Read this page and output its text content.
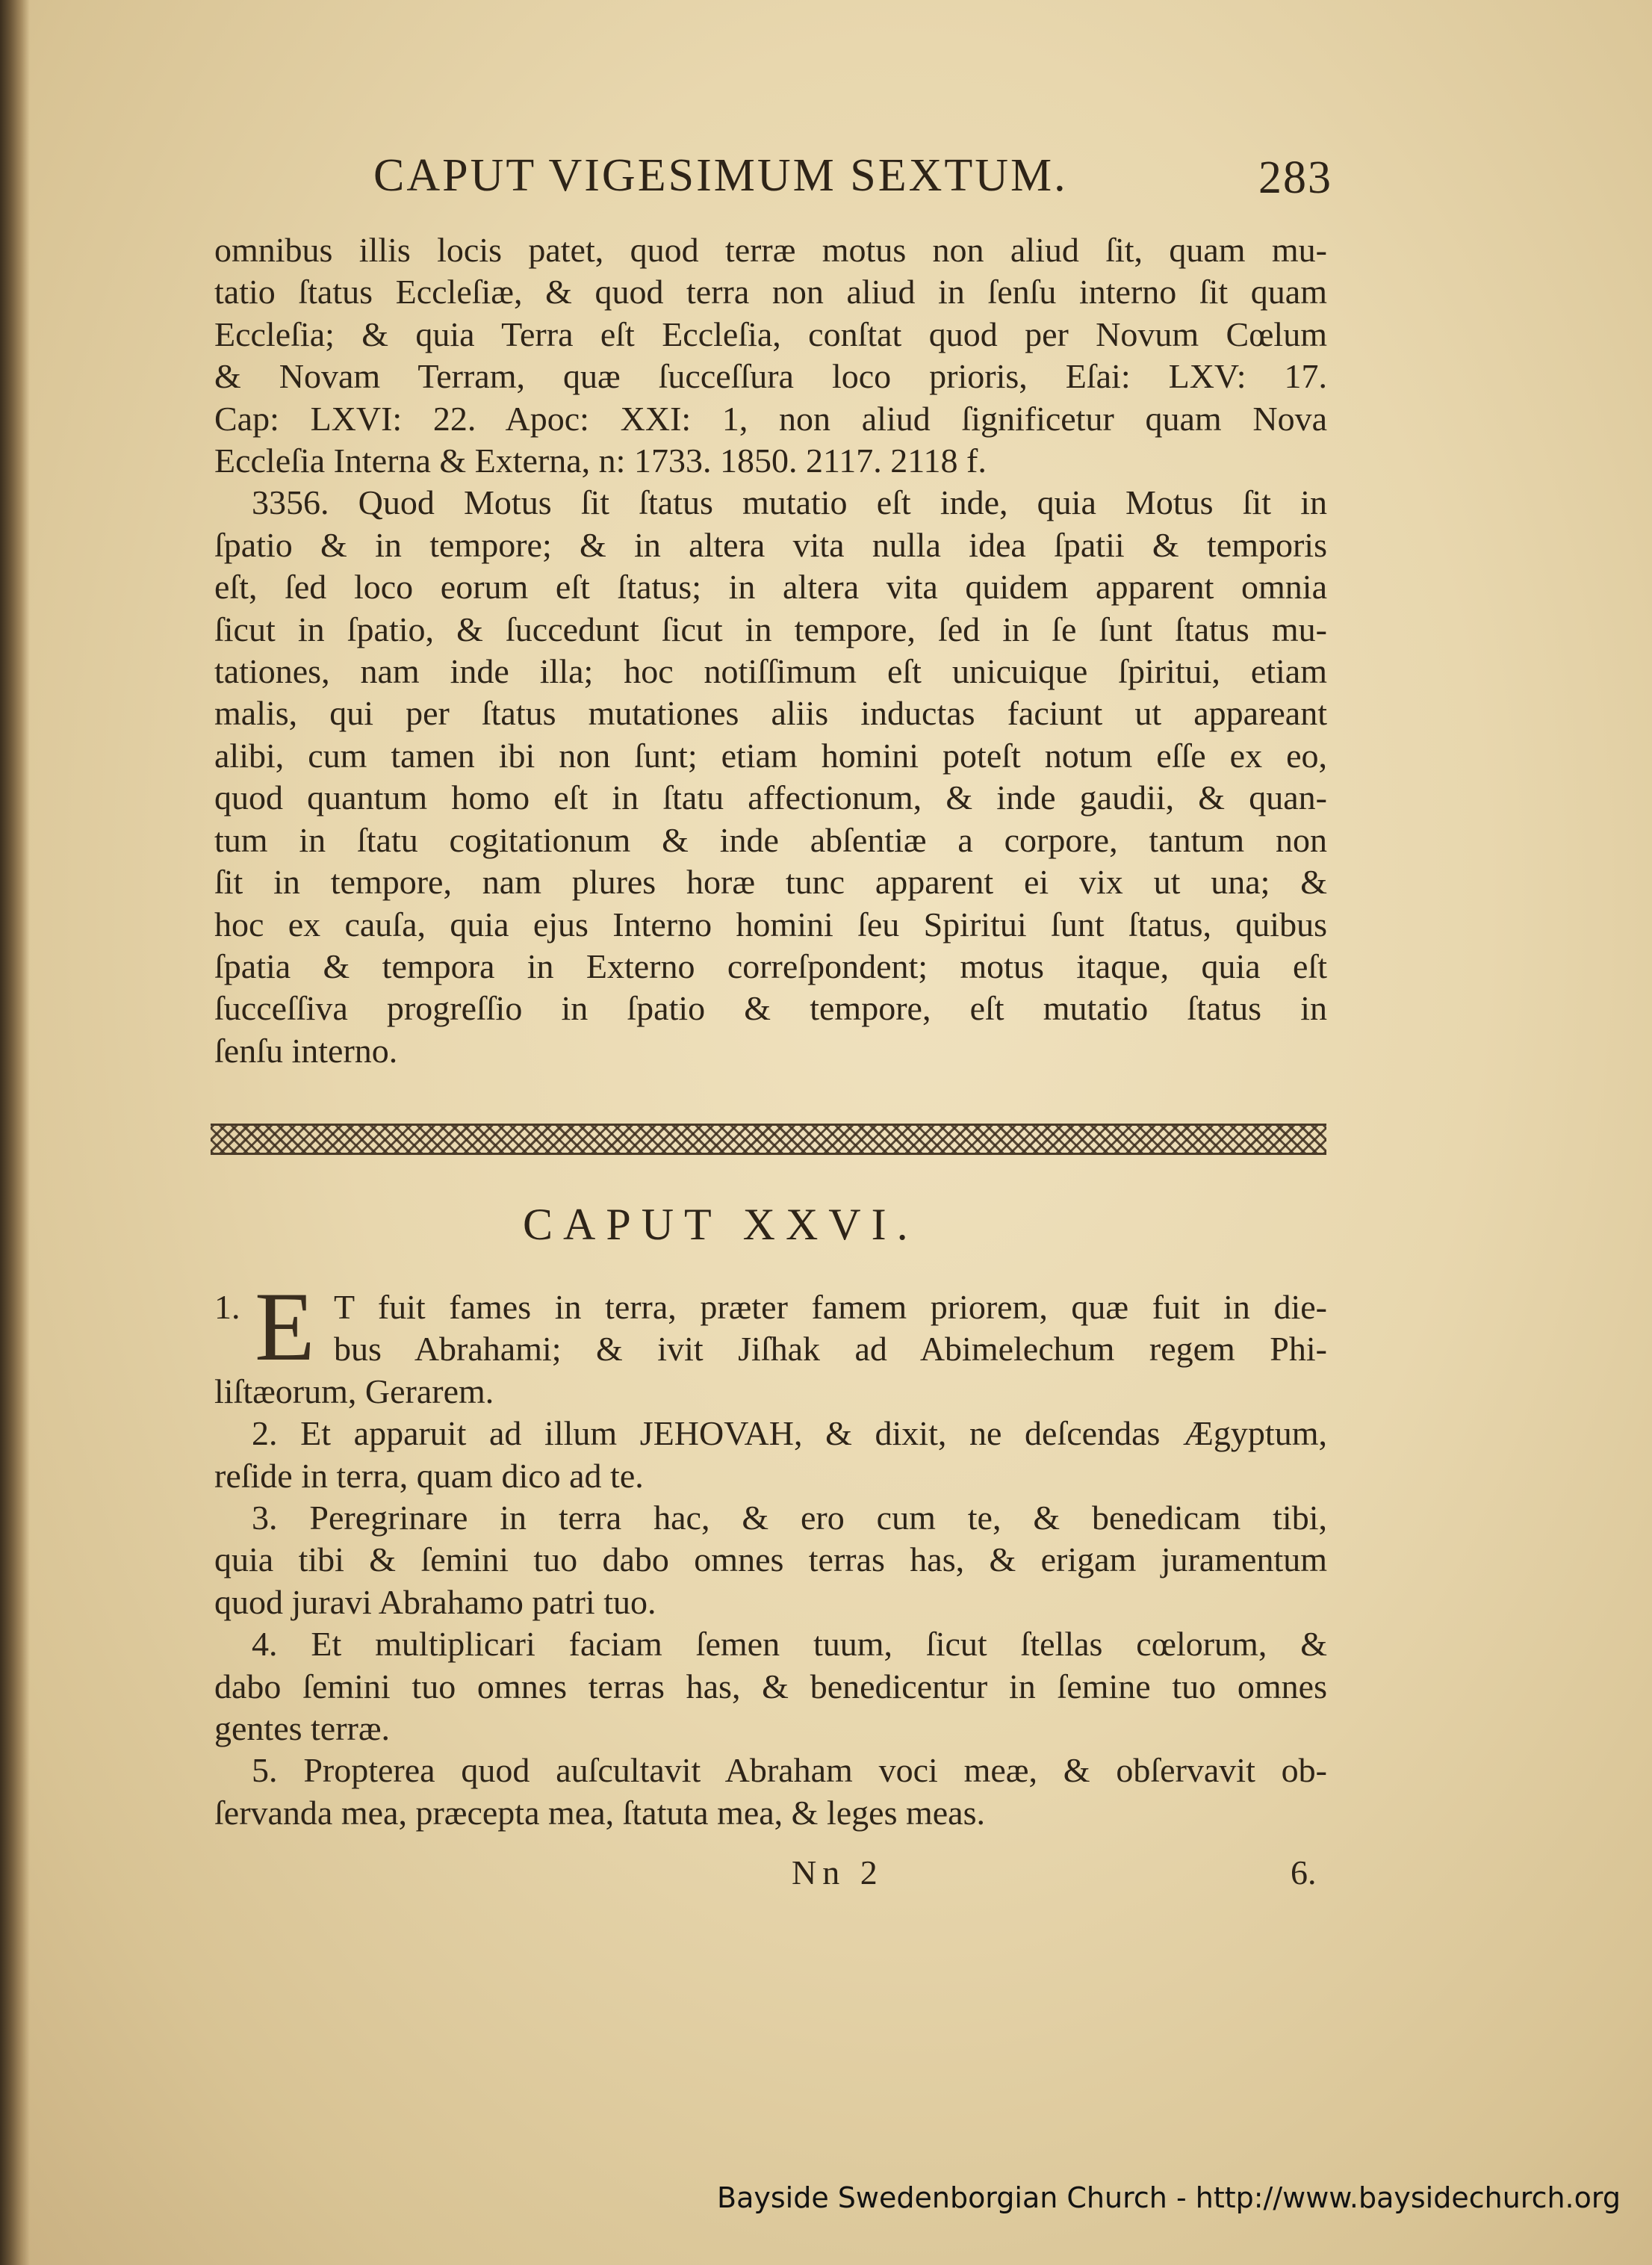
CAPUT VIGESIMUM SEXTUM.	283
omnibus illis locis patet, quod terræ motus non aliud ſit, quam mu-
tatio ſtatus Eccleſiæ, & quod terra non aliud in ſenſu interno ſit quam
Eccleſia; & quia Terra eſt Eccleſia, conſtat quod per Novum Cœlum
& Novam Terram, quæ ſucceſſura loco prioris, Eſai: LXV: 17.
Cap: LXVI: 22. Apoc: XXI: 1, non aliud ſignificetur quam Nova
Eccleſia Interna & Externa, n: 1733. 1850. 2117. 2118 f.
3356. Quod Motus ſit ſtatus mutatio eſt inde, quia Motus ſit in
ſpatio & in tempore; & in altera vita nulla idea ſpatii & temporis
eſt, ſed loco eorum eſt ſtatus; in altera vita quidem apparent omnia
ſicut in ſpatio, & ſuccedunt ſicut in tempore, ſed in ſe ſunt ſtatus mu-
tationes, nam inde illa; hoc notiſſimum eſt unicuique ſpiritui, etiam
malis, qui per ſtatus mutationes aliis inductas faciunt ut appareant
alibi, cum tamen ibi non ſunt; etiam homini poteſt notum eſſe ex eo,
quod quantum homo eſt in ſtatu affectionum, & inde gaudii, & quan-
tum in ſtatu cogitationum & inde abſentiæ a corpore, tantum non
ſit in tempore, nam plures horæ tunc apparent ei vix ut una; &
hoc ex cauſa, quia ejus Interno homini ſeu Spiritui ſunt ſtatus, quibus
ſpatia & tempora in Externo correſpondent; motus itaque, quia eſt
ſucceſſiva progreſſio in ſpatio & tempore, eſt mutatio ſtatus in
ſenſu interno.
CAPUT XXVI.
1. E T fuit fames in terra, præter famem priorem, quæ fuit in die-
bus Abrahami; & ivit Jiſhak ad Abimelechum regem Phi-
liſtæorum, Gerarem.
2. Et apparuit ad illum JEHOVAH, & dixit, ne deſcendas Ægyptum,
reſide in terra, quam dico ad te.
3. Peregrinare in terra hac, & ero cum te, & benedicam tibi,
quia tibi & ſemini tuo dabo omnes terras has, & erigam juramentum
quod juravi Abrahamo patri tuo.
4. Et multiplicari faciam ſemen tuum, ſicut ſtellas cœlorum, &
dabo ſemini tuo omnes terras has, & benedicentur in ſemine tuo omnes
gentes terræ.
5. Propterea quod auſcultavit Abraham voci meæ, & obſervavit ob-
ſervanda mea, præcepta mea, ſtatuta mea, & leges meas.
Nn 2	6.
Bayside Swedenborgian Church - http://www.baysidechurch.org
